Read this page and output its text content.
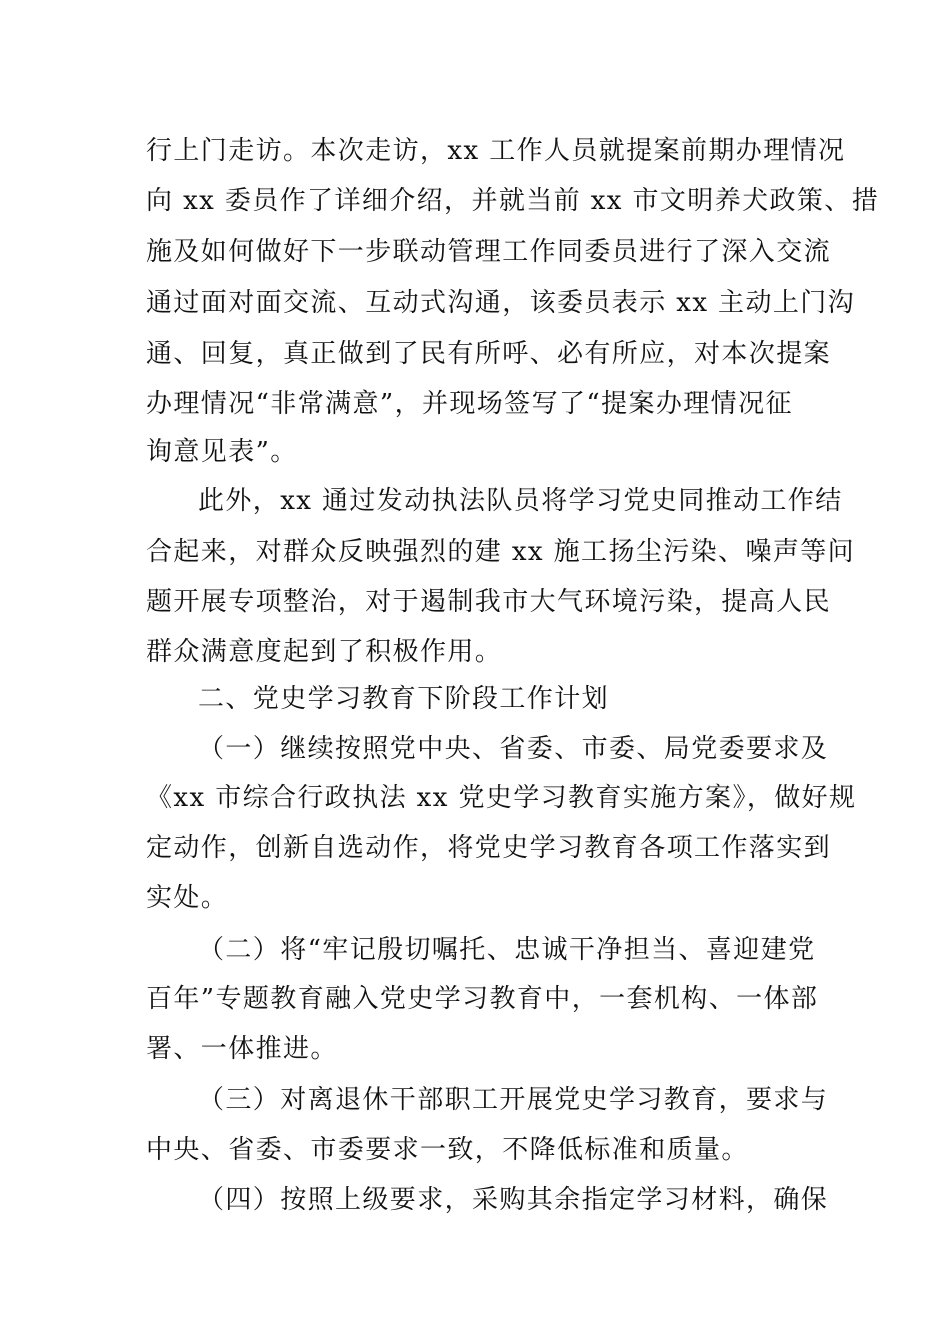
行上门走访。本次走访，xx 工作人员就提案前期办理情况
向 xx 委员作了详细介绍，并就当前 xx 市文明养犬政策、措
施及如何做好下一步联动管理工作同委员进行了深入交流
通过面对面交流、互动式沟通，该委员表示 xx 主动上门沟
通、回复，真正做到了民有所呼、必有所应，对本次提案
办理情况“非常满意”，并现场签写了“提案办理情况征
询意见表”。
此外，xx 通过发动执法队员将学习党史同推动工作结
合起来，对群众反映强烈的建 xx 施工扬尘污染、噪声等问
题开展专项整治，对于遏制我市大气环境污染，提高人民
群众满意度起到了积极作用。
二、党史学习教育下阶段工作计划
（一）继续按照党中央、省委、市委、局党委要求及
《xx 市综合行政执法 xx 党史学习教育实施方案》，做好规
定动作，创新自选动作，将党史学习教育各项工作落实到
实处。
（二）将“牢记殷切嘱托、忠诚干净担当、喜迎建党
百年”专题教育融入党史学习教育中，一套机构、一体部
署、一体推进。
（三）对离退休干部职工开展党史学习教育，要求与
中央、省委、市委要求一致，不降低标准和质量。
（四）按照上级要求，采购其余指定学习材料，确保
